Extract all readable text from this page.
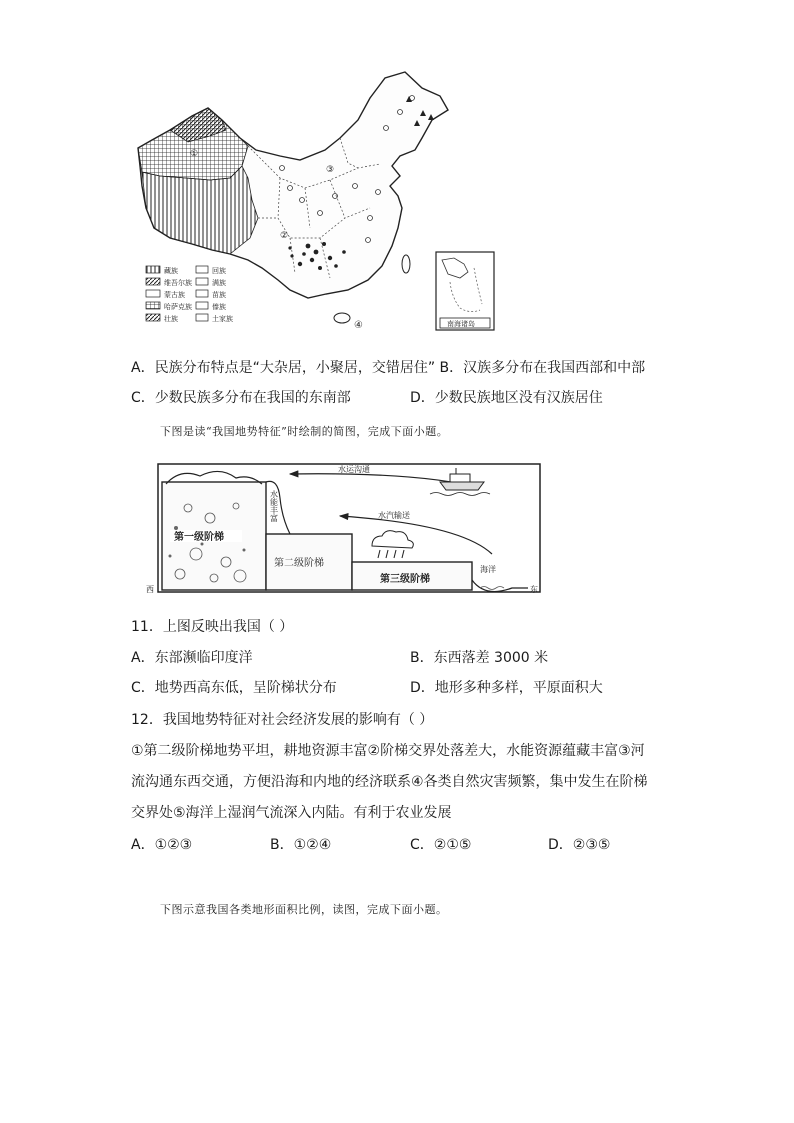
④
①
②
③
藏族
维吾尔族
蒙古族
哈萨克族
壮族
回族
满族
苗族
傣族
土家族
南海诸岛
A．民族分布特点是“大杂居，小聚居，交错居住” B．汉族多分布在我国西部和中部
C．少数民族多分布在我国的东南部	D．少数民族地区没有汉族居住
下图是读“我国地势特征”时绘制的简图，完成下面小题。
第一级阶梯
第二级阶梯
第三级阶梯
海洋
水运沟通
水汽输送
水能丰富
西	东
11．上图反映出我国（ ）
A．东部濒临印度洋	B．东西落差 3000 米
C．地势西高东低，呈阶梯状分布	D．地形多种多样，平原面积大
12．我国地势特征对社会经济发展的影响有（ ）
①第二级阶梯地势平坦，耕地资源丰富②阶梯交界处落差大，水能资源蕴藏丰富③河
流沟通东西交通，方便沿海和内地的经济联系④各类自然灾害频繁，集中发生在阶梯
交界处⑤海洋上湿润气流深入内陆。有利于农业发展
A．①②③	B．①②④	C．②①⑤	D．②③⑤
下图示意我国各类地形面积比例，读图，完成下面小题。
